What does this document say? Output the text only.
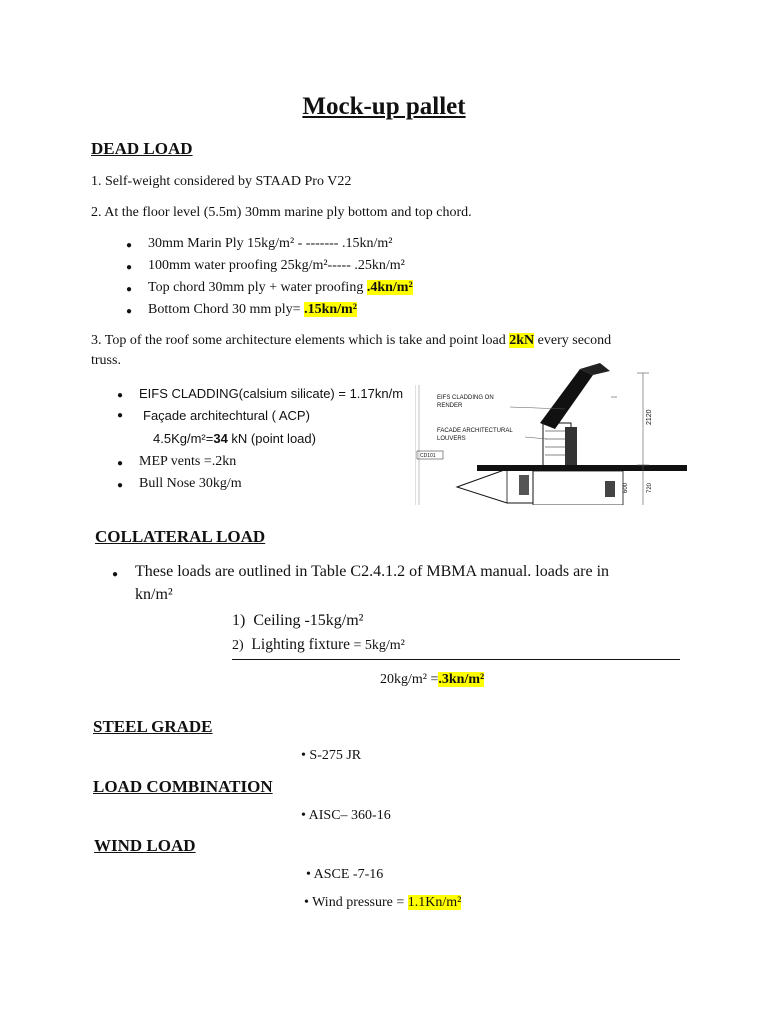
Mock-up pallet
DEAD LOAD
1. Self-weight considered by STAAD Pro V22
2. At the floor level (5.5m) 30mm marine ply bottom and top chord.
● 30mm Marin Ply 15kg/m² - ------- .15kn/m²
● 100mm water proofing 25kg/m²----- .25kn/m²
● Top chord 30mm ply + water proofing .4kn/m²
● Bottom Chord 30 mm ply= .15kn/m²
3. Top of the roof some architecture elements which is take and point load 2kN every second
truss.
● EIFS CLADDING(calsium silicate) = 1.17kn/m
● Façade architechtural ( ACP)
4.5Kg/m²=34 kN (point load)
● MEP vents =.2kn
● Bull Nose 30kg/m
EIFS CLADDING ON
RENDER
FACADE ARCHITECTURAL
LOUVERS
CD101
2120
600	720
COLLATERAL LOAD
● These loads are outlined in Table C2.4.1.2 of MBMA manual. loads are in
kn/m²
1) Ceiling -15kg/m²
2) Lighting fixture = 5kg/m²
20kg/m² =.3kn/m²
STEEL GRADE
• S-275 JR
LOAD COMBINATION
• AISC– 360-16
WIND LOAD
• ASCE -7-16
• Wind pressure = 1.1Kn/m²
